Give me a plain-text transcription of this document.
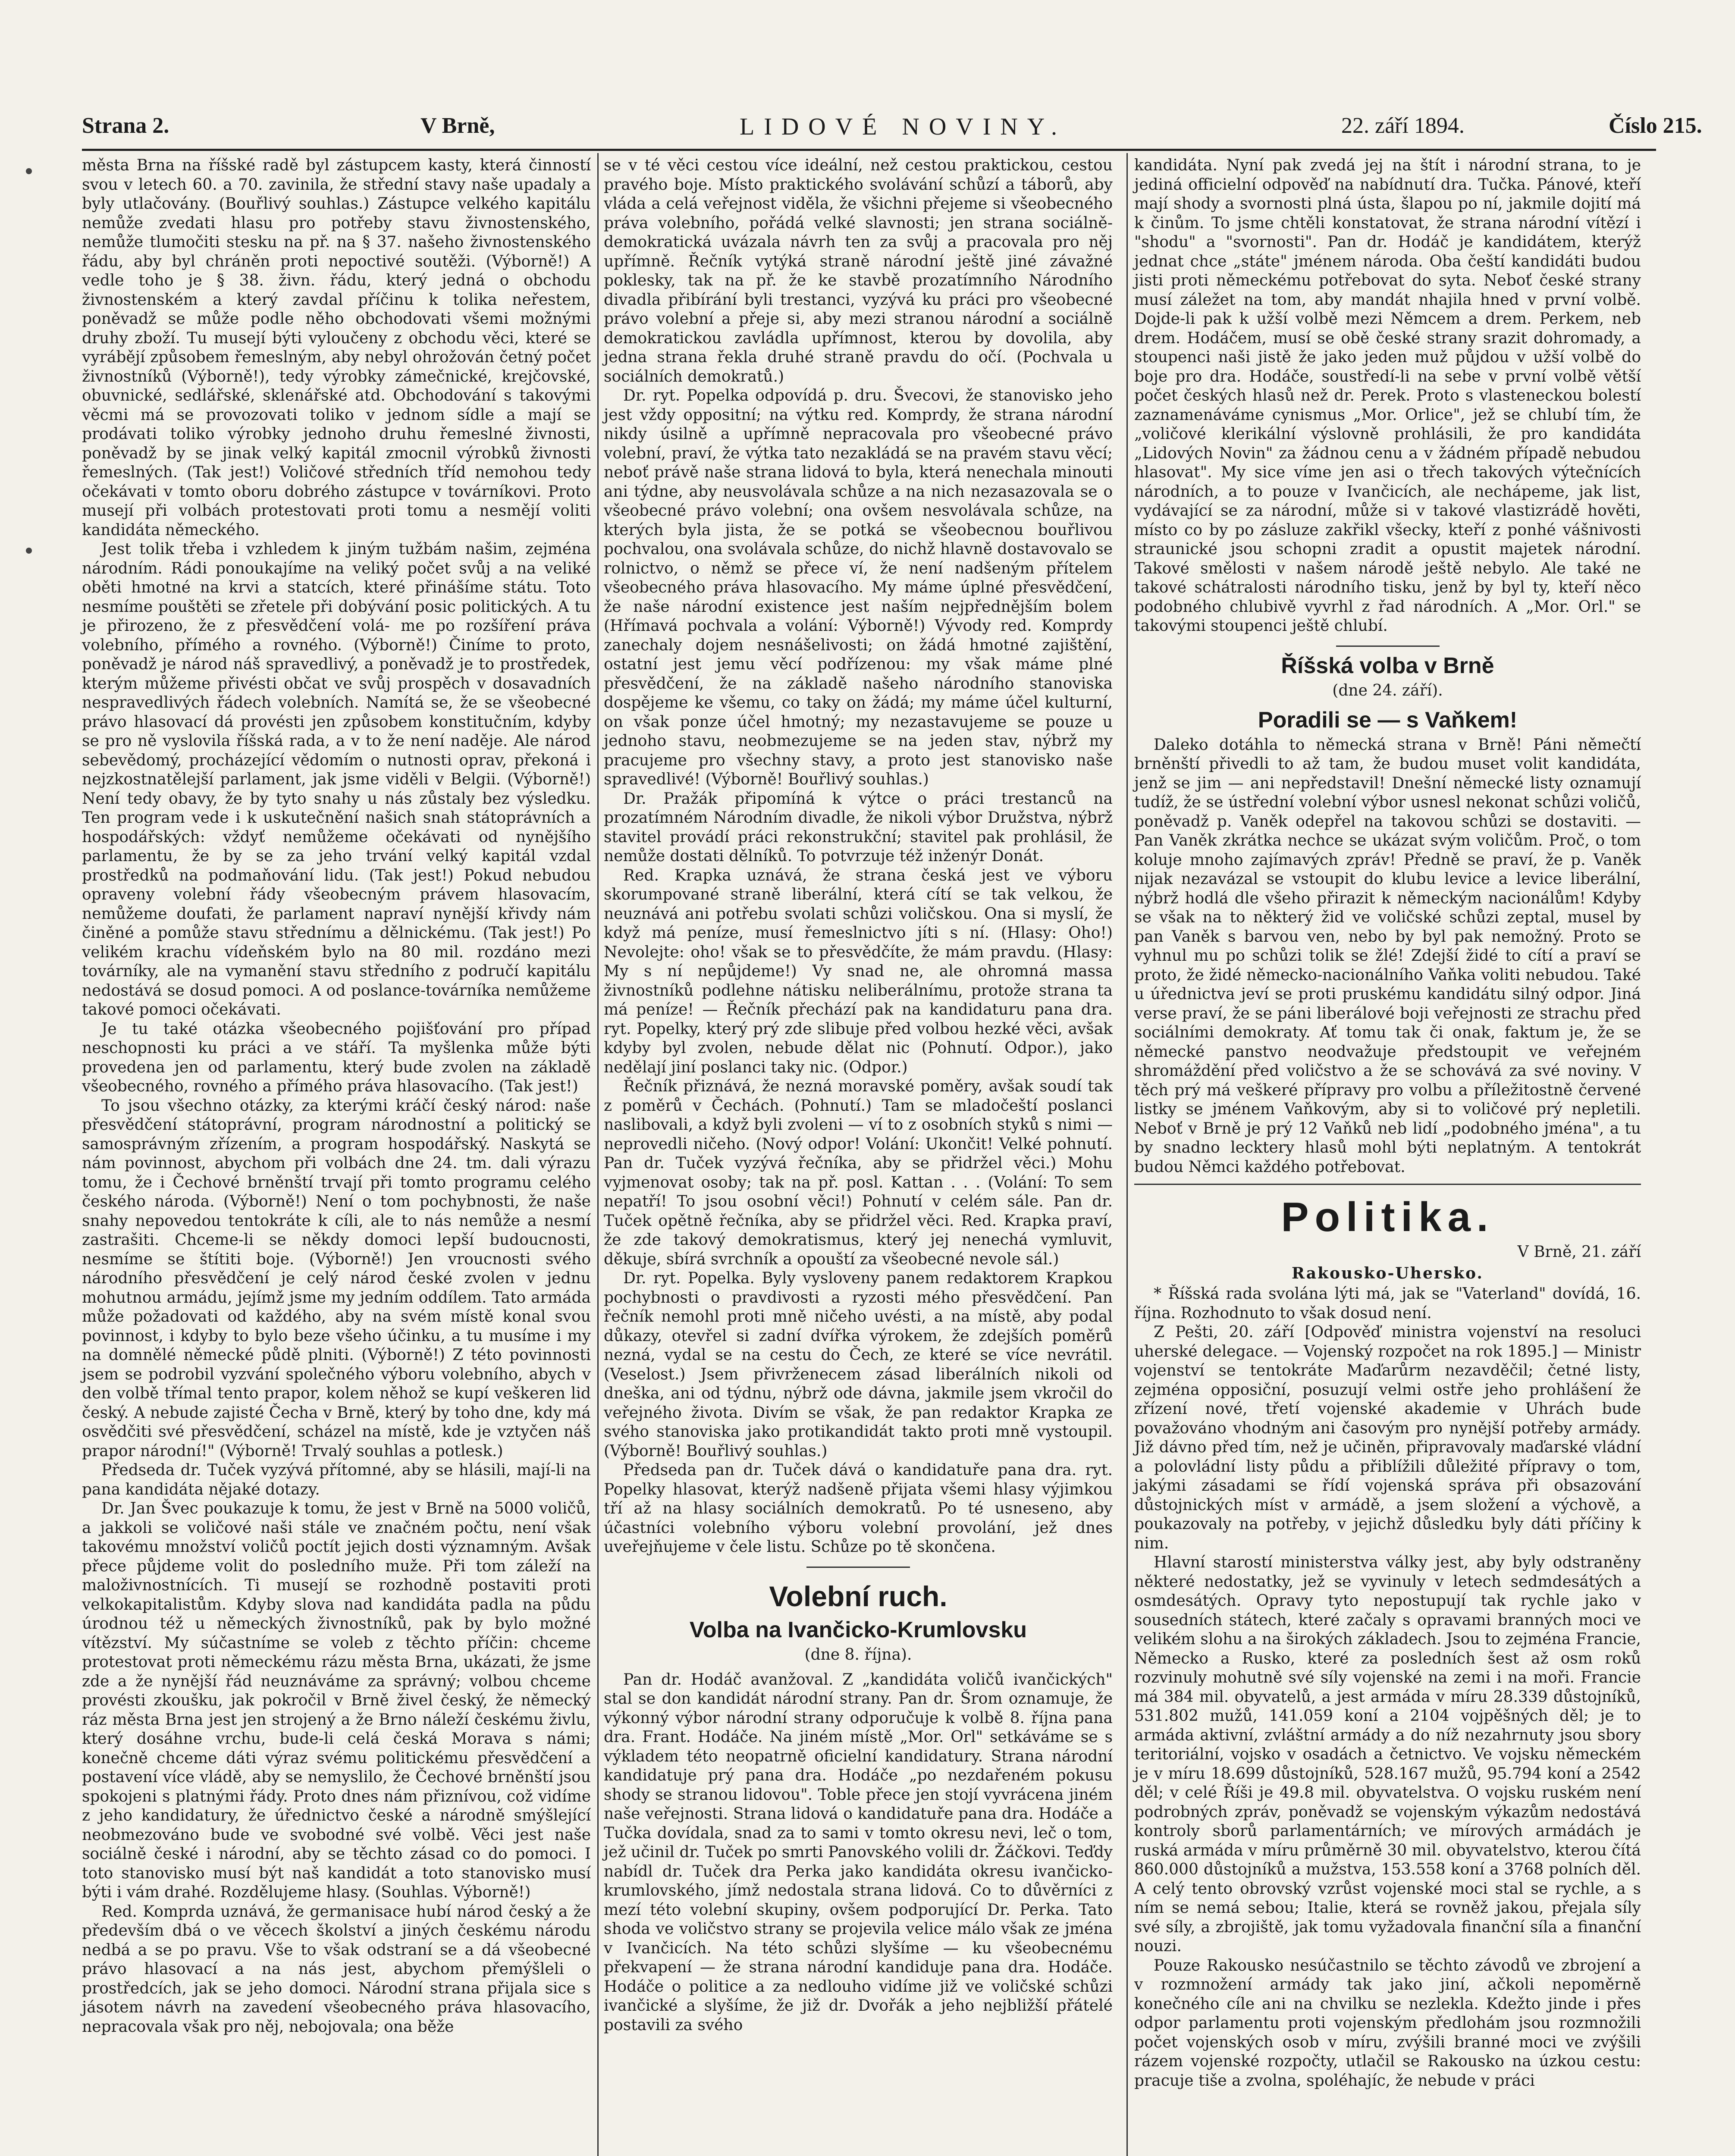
Strana 2.	V Brně,	LIDOVÉ NOVINY.	22. září 1894.	Číslo 215.

města Brna na říšské radě byl zástupcem kasty, která činností svou v letech 60. a 70. zavinila, že střední stavy naše upadaly a byly utlačovány. (Bouřlivý souhlas.) Zástupce velkého kapitálu nemůže zvedati hlasu pro potřeby stavu živnostenského, nemůže tlumočiti stesku na př. na § 37. našeho živnostenského řádu, aby byl chráněn proti nepoctivé soutěži. (Výborně!) A vedle toho je § 38. živn. řádu, který jedná o obchodu živnostenském a který zavdal příčinu k tolika neřestem, poněvadž se může podle něho obchodovati všemi možnými druhy zboží. Tu musejí býti vyloučeny z obchodu věci, které se vyrábějí způsobem řemeslným, aby nebyl ohrožován četný počet živnostníků (Výborně!), tedy výrobky zámečnické, krejčovské, obuvnické, sedlářské, sklenářské atd. Obchodování s takovými věcmi má se provozovati toliko v jednom sídle a mají se prodávati toliko výrobky jednoho druhu řemeslné živnosti, poněvadž by se jinak velký kapitál zmocnil výrobků živnosti řemeslných. (Tak jest!) Voličové středních tříd nemohou tedy očekávati v tomto oboru dobrého zástupce v továrníkovi. Proto musejí při volbách protestovati proti tomu a nesmějí voliti kandidáta německého.

Jest tolik třeba i vzhledem k jiným tužbám našim, zejména národním. Rádi ponoukajíme na veliký počet svůj a na veliké oběti hmotné na krvi a statcích, které přinášíme státu. Toto nesmíme pouštěti se zřetele při dobývání posic politických. A tu je přirozeno, že z přesvědčení volá- me po rozšíření práva volebního, přímého a rovného. (Výborně!) Činíme to proto, poněvadž je národ náš spravedlivý, a poněvadž je to prostředek, kterým můžeme přivésti občat ve svůj prospěch v dosavadních nespravedlivých řádech volebních. Namítá se, že se všeobecné právo hlasovací dá provésti jen způsobem konstitučním, kdyby se pro ně vyslovila říšská rada, a v to že není naděje. Ale národ sebevědomý, procházející vědomím o nutnosti oprav, překoná i nejzkostnatělejší parlament, jak jsme viděli v Belgii. (Výborně!) Není tedy obavy, že by tyto snahy u nás zůstaly bez výsledku. Ten program vede i k uskutečnění našich snah státoprávních a hospodářských: vždyť nemůžeme očekávati od nynějšího parlamentu, že by se za jeho trvání velký kapitál vzdal prostředků na podmaňování lidu. (Tak jest!) Pokud nebudou opraveny volební řády všeobecným právem hlasovacím, nemůžeme doufati, že parlament napraví nynější křivdy nám činěné a pomůže stavu střednímu a dělnickému. (Tak jest!) Po velikém krachu vídeňském bylo na 80 mil. rozdáno mezi továrníky, ale na vymanění stavu středního z područí kapitálu nedostává se dosud pomoci. A od poslance-továrníka nemůžeme takové pomoci očekávati.

Je tu také otázka všeobecného pojišťování pro případ neschopnosti ku práci a ve stáří. Ta myšlenka může býti provedena jen od parlamentu, který bude zvolen na základě všeobecného, rovného a přímého práva hlasovacího. (Tak jest!)

To jsou všechno otázky, za kterými kráčí český národ: naše přesvědčení státoprávní, program národnostní a politický se samosprávným zřízením, a program hospodářský. Naskytá se nám povinnost, abychom při volbách dne 24. tm. dali výrazu tomu, že i Čechové brněnští trvají při tomto programu celého českého národa. (Výborně!) Není o tom pochybnosti, že naše snahy nepovedou tentokráte k cíli, ale to nás nemůže a nesmí zastrašiti. Chceme-li se někdy domoci lepší budoucnosti, nesmíme se štítiti boje. (Výborně!) Jen vroucnosti svého národního přesvědčení je celý národ české zvolen v jednu mohutnou armádu, jejímž jsme my jedním oddílem. Tato armáda může požadovati od každého, aby na svém místě konal svou povinnost, i kdyby to bylo beze všeho účinku, a tu musíme i my na domnělé německé půdě plniti. (Výborně!) Z této povinnosti jsem se podrobil vyzvání společného výboru volebního, abych v den volbě třímal tento prapor, kolem něhož se kupí veškeren lid český. A nebude zajisté Čecha v Brně, který by toho dne, kdy má osvědčiti své přesvědčení, scházel na místě, kde je vztyčen náš prapor národní!" (Výborně! Trvalý souhlas a potlesk.)

Předseda dr. Tuček vyzývá přítomné, aby se hlásili, mají-li na pana kandidáta nějaké dotazy.

Dr. Jan Švec poukazuje k tomu, že jest v Brně na 5000 voličů, a jakkoli se voličové naši stále ve značném počtu, není však takovému množství voličů poctít jejich dosti významným. Avšak přece půjdeme volit do posledního muže. Při tom záleží na maloživnostnících. Ti musejí se rozhodně postaviti proti velkokapitalistům. Kdyby slova nad kandidáta padla na půdu úrodnou též u německých živnostníků, pak by bylo možné vítězství. My súčastníme se voleb z těchto příčin: chceme protestovat proti německému rázu města Brna, ukázati, že jsme zde a že nynější řád neuznáváme za správný; volbou chceme provésti zkoušku, jak pokročil v Brně živel český, že německý ráz města Brna jest jen strojený a že Brno náleží českému živlu, který dosáhne vrchu, bude-li celá česká Morava s námi; konečně chceme dáti výraz svému politickému přesvědčení a postavení více vládě, aby se nemyslilo, že Čechové brněnští jsou spokojeni s platnými řády. Proto dnes nám přiznívou, což vidíme z jeho kandidatury, že úřednictvo české a národně smýšlející neobmezováno bude ve svobodné své volbě. Věci jest naše sociálně české i národní, aby se těchto zásad co do pomoci. I toto stanovisko musí být naš kandidát a toto stanovisko musí býti i vám drahé. Rozdělujeme hlasy. (Souhlas. Výborně!)

Red. Komprda uznává, že germanisace hubí národ český a že především dbá o ve věcech školství a jiných českému národu nedbá a se po pravu. Vše to však odstraní se a dá všeobecné právo hlasovací a na nás jest, abychom přemýšleli o prostředcích, jak se jeho domoci. Národní strana přijala sice s jásotem návrh na zavedení všeobecného práva hlasovacího, nepracovala však pro něj, nebojovala; ona běže

se v té věci cestou více ideální, než cestou praktickou, cestou pravého boje. Místo praktického svolávání schůzí a táborů, aby vláda a celá veřejnost viděla, že všichni přejeme si všeobecného práva volebního, pořádá velké slavnosti; jen strana sociálně-demokratická uvázala návrh ten za svůj a pracovala pro něj upřímně. Řečník vytýká straně národní ještě jiné závažné poklesky, tak na př. že ke stavbě prozatímního Národního divadla přibírání byli trestanci, vyzývá ku práci pro všeobecné právo volební a přeje si, aby mezi stranou národní a sociálně demokratickou zavládla upřímnost, kterou by dovolila, aby jedna strana řekla druhé straně pravdu do očí. (Pochvala u sociálních demokratů.)

Dr. ryt. Popelka odpovídá p. dru. Švecovi, že stanovisko jeho jest vždy oppositní; na výtku red. Komprdy, že strana národní nikdy úsilně a upřímně nepracovala pro všeobecné právo volební, praví, že výtka tato nezakládá se na pravém stavu věcí; neboť právě naše strana lidová to byla, která nenechala minouti ani týdne, aby neusvolávala schůze a na nich nezasazovala se o všeobecné právo volební; ona ovšem nesvolávala schůze, na kterých byla jista, že se potká se všeobecnou bouřlivou pochvalou, ona svolávala schůze, do nichž hlavně dostavovalo se rolnictvo, o němž se přece ví, že není nadšeným přítelem všeobecného práva hlasovacího. My máme úplné přesvědčení, že naše národní existence jest naším nejpřednějším bolem (Hřímavá pochvala a volání: Výborně!) Vývody red. Komprdy zanechaly dojem nesnášelivosti; on žádá hmotné zajištění, ostatní jest jemu věcí podřízenou: my však máme plné přesvědčení, že na základě našeho národního stanoviska dospějeme ke všemu, co taky on žádá; my máme účel kulturní, on však ponze účel hmotný; my nezastavujeme se pouze u jednoho stavu, neobmezujeme se na jeden stav, nýbrž my pracujeme pro všechny stavy, a proto jest stanovisko naše spravedlivé! (Výborně! Bouřlivý souhlas.)

Dr. Pražák připomíná k výtce o práci trestanců na prozatímném Národním divadle, že nikoli výbor Družstva, nýbrž stavitel provádí práci rekonstrukční; stavitel pak prohlásil, že nemůže dostati dělníků. To potvrzuje též inženýr Donát.

Red. Krapka uznává, že strana česká jest ve výboru skorumpované straně liberální, která cítí se tak velkou, že neuznává ani potřebu svolati schůzi voličskou. Ona si myslí, že když má peníze, musí řemeslnictvo jíti s ní. (Hlasy: Oho!) Nevolejte: oho! však se to přesvědčíte, že mám pravdu. (Hlasy: My s ní nepůjdeme!) Vy snad ne, ale ohromná massa živnostníků podlehne nátisku neliberálnímu, protože strana ta má peníze! — Řečník přechází pak na kandidaturu pana dra. ryt. Popelky, který prý zde slibuje před volbou hezké věci, avšak kdyby byl zvolen, nebude dělat nic (Pohnutí. Odpor.), jako nedělají jiní poslanci taky nic. (Odpor.)

Řečník přiznává, že nezná moravské poměry, avšak soudí tak z poměrů v Čechách. (Pohnutí.) Tam se mladočeští poslanci naslibovali, a když byli zvoleni — ví to z osobních styků s nimi — neprovedli ničeho. (Nový odpor! Volání: Ukončit! Velké pohnutí. Pan dr. Tuček vyzývá řečníka, aby se přidržel věci.) Mohu vyjmenovat osoby; tak na př. posl. Kattan . . . (Volání: To sem nepatří! To jsou osobní věci!) Pohnutí v celém sále. Pan dr. Tuček opětně řečníka, aby se přidržel věci. Red. Krapka praví, že zde takový demokratismus, který jej nenechá vymluvit, děkuje, sbírá svrchník a opouští za všeobecné nevole sál.)

Dr. ryt. Popelka. Byly vysloveny panem redaktorem Krapkou pochybnosti o pravdivosti a ryzosti mého přesvědčení. Pan řečník nemohl proti mně ničeho uvésti, a na místě, aby podal důkazy, otevřel si zadní dvířka výrokem, že zdejších poměrů nezná, vydal se na cestu do Čech, ze které se více nevrátil. (Veselost.) Jsem přivrženecem zásad liberálních nikoli od dneška, ani od týdnu, nýbrž ode dávna, jakmile jsem vkročil do veřejného života. Divím se však, že pan redaktor Krapka ze svého stanoviska jako protikandidát takto proti mně vystoupil. (Výborně! Bouřlivý souhlas.)

Předseda pan dr. Tuček dává o kandidatuře pana dra. ryt. Popelky hlasovat, kterýž nadšeně přijata všemi hlasy výjimkou tří až na hlasy sociálních demokratů. Po té usneseno, aby účastníci volebního výboru volební provolání, jež dnes uveřejňujeme v čele listu. Schůze po tě skončena.

Volební ruch.
Volba na Ivančicko-Krumlovsku
(dne 8. října).

Pan dr. Hodáč avanžoval. Z „kandidáta voličů ivančických" stal se don kandidát národní strany. Pan dr. Šrom oznamuje, že výkonný výbor národní strany odporučuje k volbě 8. října pana dra. Frant. Hodáče. Na jiném místě „Mor. Orl" setkáváme se s výkladem této neopatrně oficielní kandidatury. Strana národní kandidatuje prý pana dra. Hodáče „po nezdařeném pokusu shody se stranou lidovou". Toble přece jen stojí vyvrácena jiném naše veřejnosti. Strana lidová o kandidatuře pana dra. Hodáče a Tučka dovídala, snad za to sami v tomto okresu nevi, leč o tom, jež učinil dr. Tuček po smrti Panovského volili dr. Žáčkovi. Teďdy nabídl dr. Tuček dra Perka jako kandidáta okresu ivančicko-krumlovského, jímž nedostala strana lidová. Co to důvěrníci z mezí této volební skupiny, ovšem podporující Dr. Perka. Tato shoda ve voličstvo strany se projevila velice málo však ze jména v Ivančicích. Na této schůzi slyšíme — ku všeobecnému překvapení — že strana národní kandiduje pana dra. Hodáče. Hodáče o politice a za nedlouho vidíme již ve voličské schůzi ivančické a slyšíme, že již dr. Dvořák a jeho nejbližší přátelé postavili za svého

kandidáta. Nyní pak zvedá jej na štít i národní strana, to je jediná officielní odpověď na nabídnutí dra. Tučka. Pánové, kteří mají shody a svornosti plná ústa, šlapou po ní, jakmile dojití má k činům. To jsme chtěli konstatovat, že strana národní vítězí i "shodu" a "svornosti". Pan dr. Hodáč je kandidátem, kterýž jednat chce „státe" jménem národa. Oba čeští kandidáti budou jisti proti německému potřebovat do syta. Neboť české strany musí záležet na tom, aby mandát nhajila hned v první volbě. Dojde-li pak k užší volbě mezi Němcem a drem. Perkem, neb drem. Hodáčem, musí se obě české strany srazit dohromady, a stoupenci naši jistě že jako jeden muž půjdou v užší volbě do boje pro dra. Hodáče, soustředí-li na sebe v první volbě větší počet českých hlasů než dr. Perek. Proto s vlasteneckou bolestí zaznamenáváme cynismus „Mor. Orlice", jež se chlubí tím, že „voličové klerikální výslovně prohlásili, že pro kandidáta „Lidových Novin" za žádnou cenu a v žádném případě nebudou hlasovat". My sice víme jen asi o třech takových výtečnících národních, a to pouze v Ivančicích, ale nechápeme, jak list, vydávající se za národní, může si v takové vlastizrádě hověti, místo co by po zásluze zakřikl všecky, kteří z ponhé vášnivosti straunické jsou schopni zradit a opustit majetek národní. Takové smělosti v našem národě ještě nebylo. Ale také ne takové schátralosti národního tisku, jenž by byl ty, kteří něco podobného chlubivě vyvrhl z řad národních. A „Mor. Orl." se takovými stoupenci ještě chlubí.

Říšská volba v Brně
(dne 24. září).
Poradili se — s Vaňkem!

Daleko dotáhla to německá strana v Brně! Páni němečtí brněnští přivedli to až tam, že budou muset volit kandidáta, jenž se jim — ani nepředstavil! Dnešní německé listy oznamují tudíž, že se ústřední volební výbor usnesl nekonat schůzi voličů, poněvadž p. Vaněk odepřel na takovou schůzi se dostaviti. — Pan Vaněk zkrátka nechce se ukázat svým voličům. Proč, o tom koluje mnoho zajímavých zpráv! Předně se praví, že p. Vaněk nijak nezavázal se vstoupit do klubu levice a levice liberální, nýbrž hodlá dle všeho přirazit k německým nacionálům! Kdyby se však na to některý žid ve voličské schůzi zeptal, musel by pan Vaněk s barvou ven, nebo by byl pak nemožný. Proto se vyhnul mu po schůzi tolik se žlé! Zdejší židé to cítí a praví se proto, že židé německo-nacionálního Vaňka voliti nebudou. Také u úřednictva jeví se proti pruskému kandidátu silný odpor. Jiná verse praví, že se páni liberálové boji veřejnosti ze strachu před sociálními demokraty. Ať tomu tak či onak, faktum je, že se německé panstvo neodvažuje předstoupit ve veřejném shromáždění před voličstvo a že se schovává za své noviny. V těch prý má veškeré přípravy pro volbu a příležitostně červené listky se jménem Vaňkovým, aby si to voličové prý nepletili. Neboť v Brně je prý 12 Vaňků neb lidí „podobného jména", a tu by snadno lecktery hlasů mohl býti neplatným. A tentokrát budou Němci každého potřebovat.

Politika.
V Brně, 21. září
Rakousko-Uhersko.

* Říšská rada svolána lýti má, jak se "Vaterland" dovídá, 16. října. Rozhodnuto to však dosud není.

Z Pešti, 20. září [Odpověď ministra vojenství na resoluci uherské delegace. — Vojenský rozpočet na rok 1895.] — Ministr vojenství se tentokráte Maďarůrm nezavděčil; četné listy, zejména opposiční, posuzují velmi ostře jeho prohlášení že zřízení nové, třetí vojenské akademie v Uhrách bude považováno vhodným ani časovým pro nynější potřeby armády. Již dávno před tím, než je učiněn, připravovaly maďarské vládní a polovládní listy půdu a přiblížili důležité přípravy o tom, jakými zásadami se řídí vojenská správa při obsazování důstojnických míst v armádě, a jsem složení a výchově, a poukazovaly na potřeby, v jejichž důsledku byly dáti příčiny k nim.

Hlavní starostí ministerstva války jest, aby byly odstraněny některé nedostatky, jež se vyvinuly v letech sedmdesátých a osmdesátých. Opravy tyto nepostupují tak rychle jako v sousedních státech, které začaly s opravami branných moci ve velikém slohu a na širokých základech. Jsou to zejména Francie, Německo a Rusko, které za posledních šest až osm roků rozvinuly mohutně své síly vojenské na zemi i na moři. Francie má 384 mil. obyvatelů, a jest armáda v míru 28.339 důstojníků, 531.802 mužů, 141.059 koní a 2104 vojpěšných děl; je to armáda aktivní, zvláštní armády a do níž nezahrnuty jsou sbory teritoriální, vojsko v osadách a četnictvo. Ve vojsku německém je v míru 18.699 důstojníků, 528.167 mužů, 95.794 koní a 2542 děl; v celé Říši je 49.8 mil. obyvatelstva. O vojsku ruském není podrobných zpráv, poněvadž se vojenským výkazům nedostává kontroly sborů parlamentárních; ve mírových armádách je ruská armáda v míru průměrně 30 mil. obyvatelstvo, kterou čítá 860.000 důstojníků a mužstva, 153.558 koní a 3768 polních děl. A celý tento obrovský vzrůst vojenské moci stal se rychle, a s ním se nemá sebou; Italie, která se rovněž jakou, přejala síly své síly, a zbrojiště, jak tomu vyžadovala finanční síla a finanční nouzi.

Pouze Rakousko nesúčastnilo se těchto závodů ve zbrojení a v rozmnožení armády tak jako jiní, ačkoli nepoměrně konečného cíle ani na chvilku se nezlekla. Kdežto jinde i přes odpor parlamentu proti vojenským předlohám jsou rozmnožili počet vojenských osob v míru, zvýšili branné moci ve zvýšili rázem vojenské rozpočty, utlačil se Rakousko na úzkou cestu: pracuje tiše a zvolna, spoléhajíc, že nebude v práci
